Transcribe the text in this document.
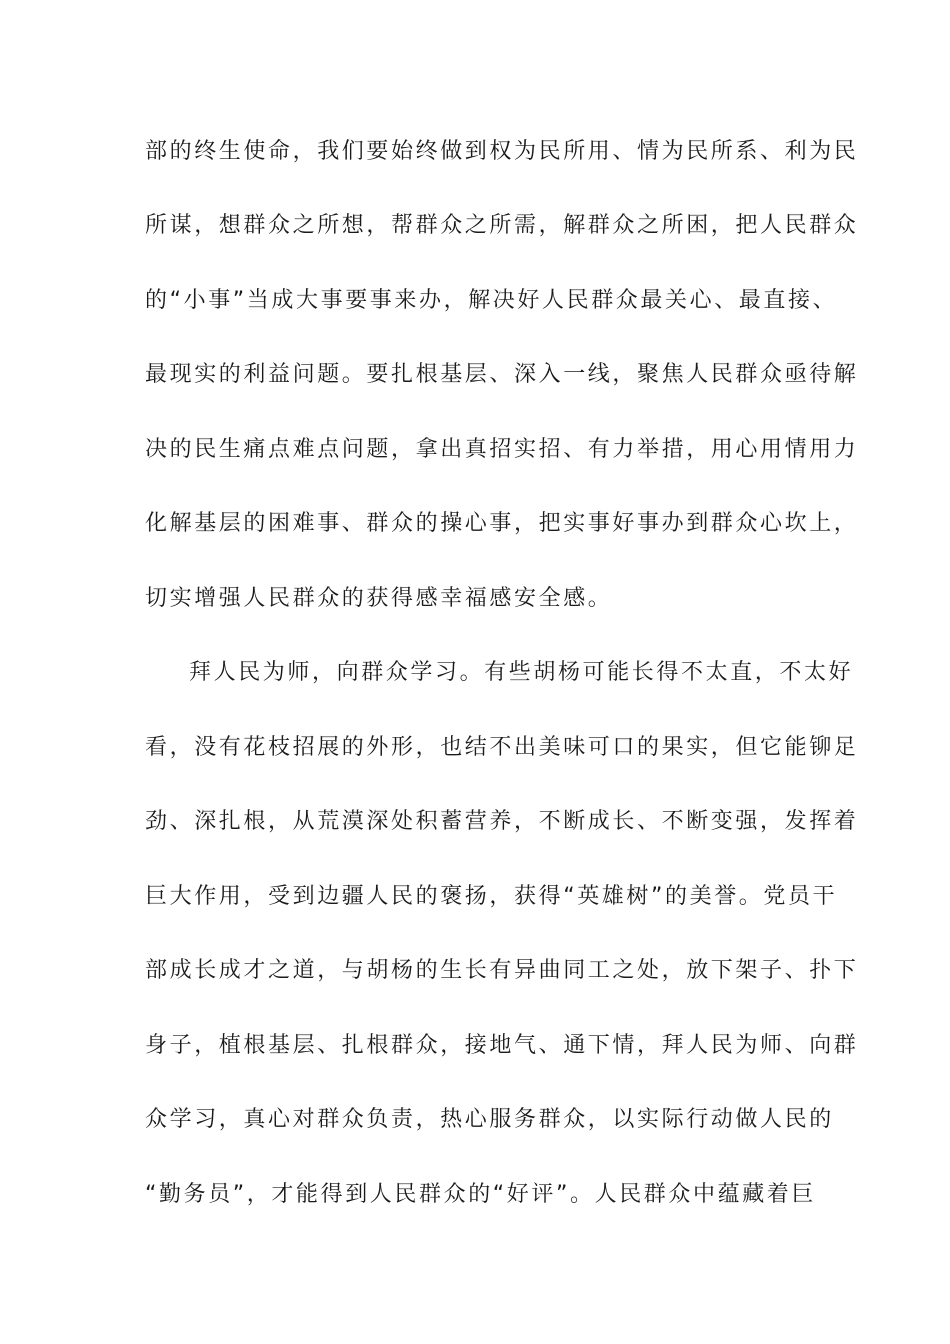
部的终生使命，我们要始终做到权为民所用、情为民所系、利为民
所谋，想群众之所想，帮群众之所需，解群众之所困，把人民群众
的“小事”当成大事要事来办，解决好人民群众最关心、最直接、
最现实的利益问题。要扎根基层、深入一线，聚焦人民群众亟待解
决的民生痛点难点问题，拿出真招实招、有力举措，用心用情用力
化解基层的困难事、群众的操心事，把实事好事办到群众心坎上，
切实增强人民群众的获得感幸福感安全感。
拜人民为师，向群众学习。有些胡杨可能长得不太直，不太好
看，没有花枝招展的外形，也结不出美味可口的果实，但它能铆足
劲、深扎根，从荒漠深处积蓄营养，不断成长、不断变强，发挥着
巨大作用，受到边疆人民的褒扬，获得“英雄树”的美誉。党员干
部成长成才之道，与胡杨的生长有异曲同工之处，放下架子、扑下
身子，植根基层、扎根群众，接地气、通下情，拜人民为师、向群
众学习，真心对群众负责，热心服务群众，以实际行动做人民的
“勤务员”，才能得到人民群众的“好评”。人民群众中蕴藏着巨
